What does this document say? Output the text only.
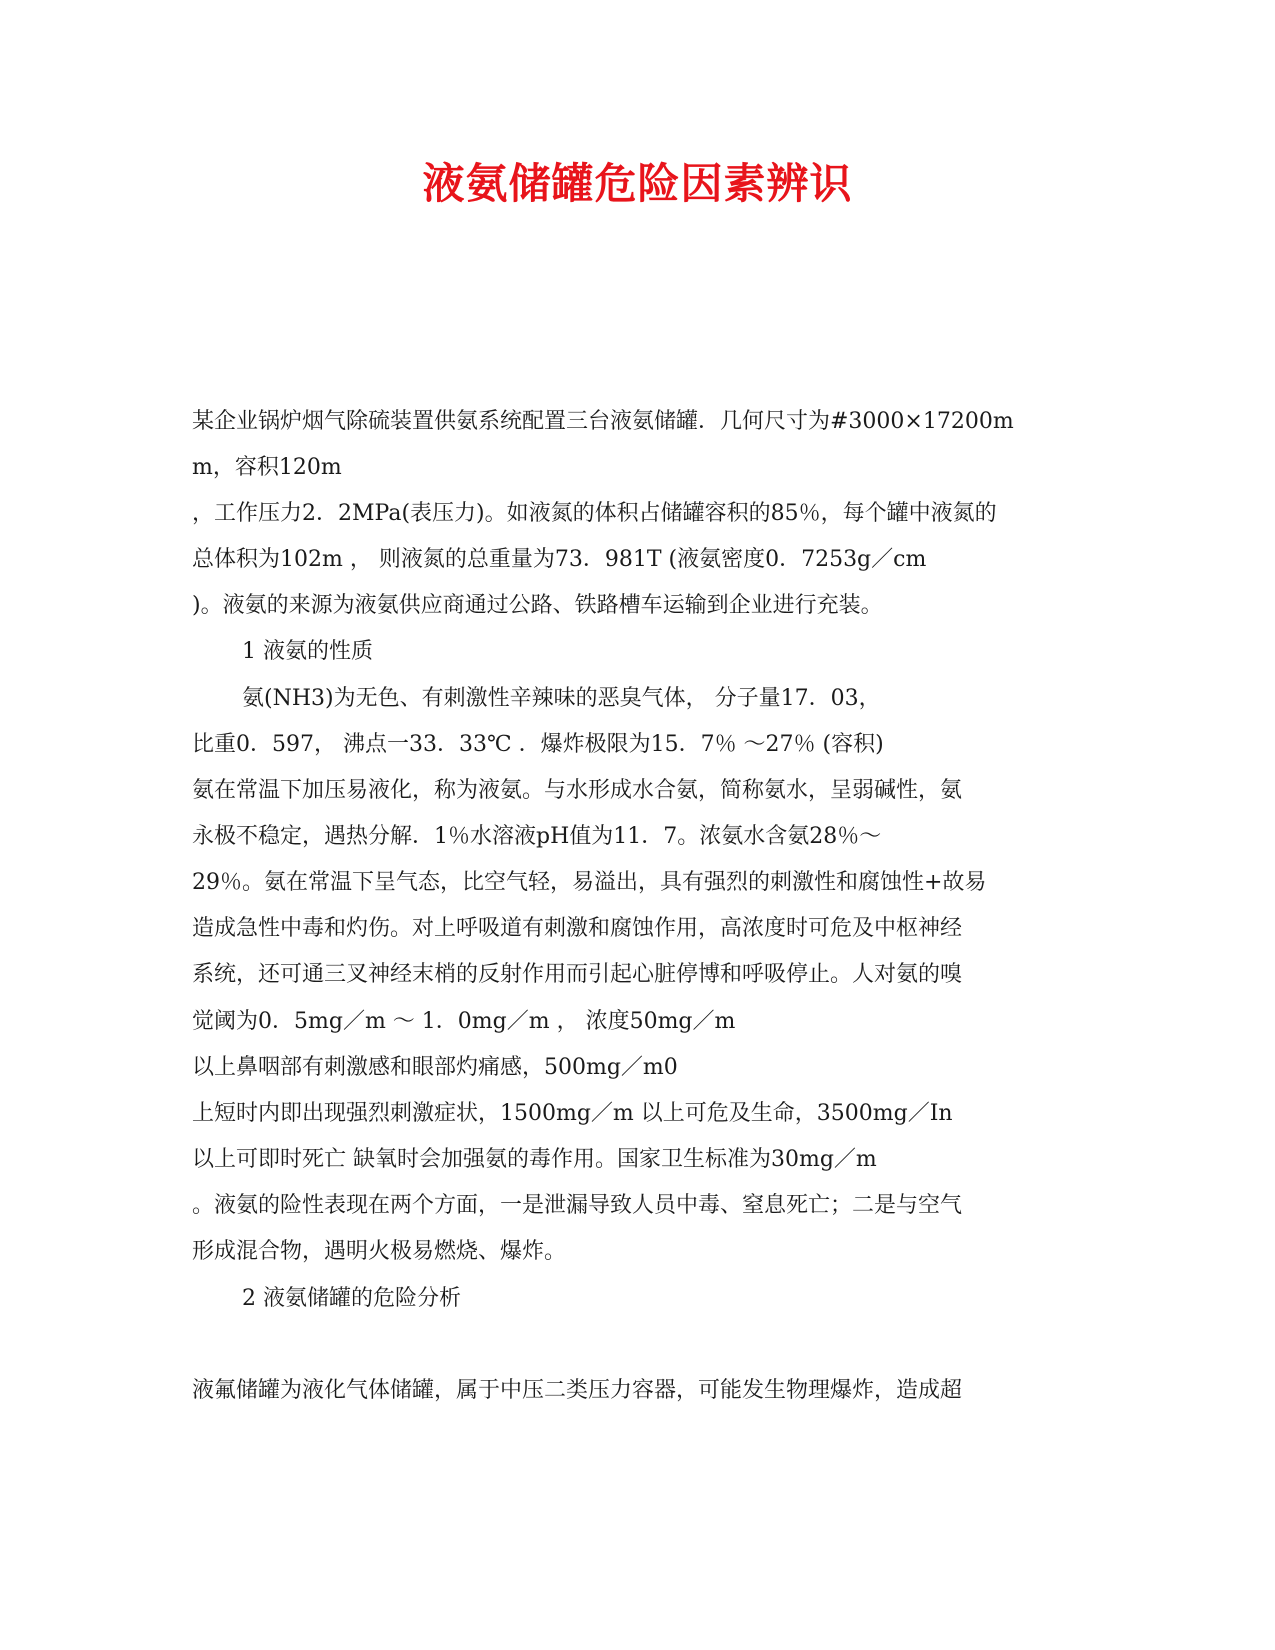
液氨储罐危险因素辨识
某企业锅炉烟气除硫装置供氨系统配置三台液氨储罐．几何尺寸为#3000×17200m
m，容积120m
，工作压力2．2MPa(表压力)。如液氮的体积占储罐容积的85％，每个罐中液氮的
总体积为102m ， 则液氮的总重量为73．981T (液氨密度0．7253g／cm
)。液氨的来源为液氨供应商通过公路、铁路槽车运输到企业进行充装。
1 液氨的性质
氨(NH3)为无色、有刺激性辛辣味的恶臭气体， 分子量17．03，
比重0．597， 沸点一33．33℃ ．爆炸极限为15．7％ ～27％ (容积)
氨在常温下加压易液化，称为液氨。与水形成水合氨，简称氨水，呈弱碱性，氨
永极不稳定，遇热分解．1％水溶液pH值为11．7。浓氨水含氨28％～
29％。氨在常温下呈气态，比空气轻，易溢出，具有强烈的刺激性和腐蚀性+故易
造成急性中毒和灼伤。对上呼吸道有刺激和腐蚀作用，高浓度时可危及中枢神经
系统，还可通三叉神经末梢的反射作用而引起心脏停博和呼吸停止。人对氨的嗅
觉阈为0．5mg／m ～ 1．0mg／m ， 浓度50mg／m
以上鼻咽部有刺激感和眼部灼痛感，500mg／m0
上短时内即出现强烈刺激症状，1500mg／m 以上可危及生命，3500mg／In
以上可即时死亡 缺氧时会加强氨的毒作用。国家卫生标准为30mg／m
。液氨的险性表现在两个方面，一是泄漏导致人员中毒、窒息死亡；二是与空气
形成混合物，遇明火极易燃烧、爆炸。
2 液氨储罐的危险分析
液氟储罐为液化气体储罐，属于中压二类压力容器，可能发生物理爆炸，造成超
